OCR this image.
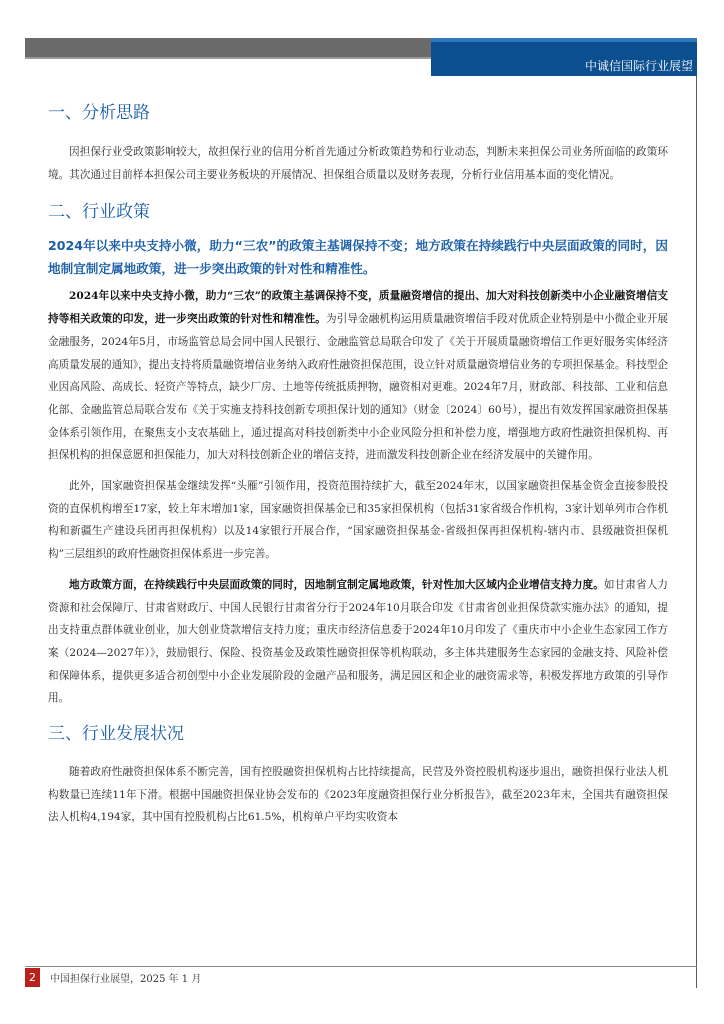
中诚信国际行业展望
一、分析思路

因担保行业受政策影响较大，故担保行业的信用分析首先通过分析政策趋势和行业动态，判断未来担保公司业务所面临的政策环境。其次通过目前样本担保公司主要业务板块的开展情况、担保组合质量以及财务表现，分析行业信用基本面的变化情况。

二、行业政策

2024年以来中央支持小微，助力“三农”的政策主基调保持不变；地方政策在持续践行中央层面政策的同时，因地制宜制定属地政策，进一步突出政策的针对性和精准性。

2024年以来中央支持小微，助力“三农”的政策主基调保持不变，质量融资增信的提出、加大对科技创新类中小企业融资增信支持等相关政策的印发，进一步突出政策的针对性和精准性。为引导金融机构运用质量融资增信手段对优质企业特别是中小微企业开展金融服务，2024年5月，市场监管总局会同中国人民银行、金融监管总局联合印发了《关于开展质量融资增信工作更好服务实体经济高质量发展的通知》，提出支持将质量融资增信业务纳入政府性融资担保范围，设立针对质量融资增信业务的专项担保基金。科技型企业因高风险、高成长、轻资产等特点，缺少厂房、土地等传统抵质押物，融资相对更难。2024年7月，财政部、科技部、工业和信息化部、金融监管总局联合发布《关于实施支持科技创新专项担保计划的通知》（财金〔2024〕60号），提出有效发挥国家融资担保基金体系引领作用，在聚焦支小支农基础上，通过提高对科技创新类中小企业风险分担和补偿力度，增强地方政府性融资担保机构、再担保机构的担保意愿和担保能力，加大对科技创新企业的增信支持，进而激发科技创新企业在经济发展中的关键作用。

此外，国家融资担保基金继续发挥“头雁”引领作用，投资范围持续扩大，截至2024年末，以国家融资担保基金资金直接参股投资的直保机构增至17家，较上年末增加1家，国家融资担保基金已和35家担保机构（包括31家省级合作机构，3家计划单列市合作机构和新疆生产建设兵团再担保机构）以及14家银行开展合作，“国家融资担保基金-省级担保再担保机构-辖内市、县级融资担保机构”三层组织的政府性融资担保体系进一步完善。

地方政策方面，在持续践行中央层面政策的同时，因地制宜制定属地政策，针对性加大区域内企业增信支持力度。如甘肃省人力资源和社会保障厅、甘肃省财政厅、中国人民银行甘肃省分行于2024年10月联合印发《甘肃省创业担保贷款实施办法》的通知，提出支持重点群体就业创业，加大创业贷款增信支持力度；重庆市经济信息委于2024年10月印发了《重庆市中小企业生态家园工作方案（2024—2027年）》，鼓励银行、保险、投资基金及政策性融资担保等机构联动，多主体共建服务生态家园的金融支持、风险补偿和保障体系，提供更多适合初创型中小企业发展阶段的金融产品和服务，满足园区和企业的融资需求等，积极发挥地方政策的引导作用。

三、行业发展状况

随着政府性融资担保体系不断完善，国有控股融资担保机构占比持续提高，民营及外资控股机构逐步退出，融资担保行业法人机构数量已连续11年下滑。根据中国融资担保业协会发布的《2023年度融资担保行业分析报告》，截至2023年末，全国共有融资担保法人机构4,194家，其中国有控股机构占比61.5%，机构单户平均实收资本

2	中国担保行业展望，2025 年 1 月
